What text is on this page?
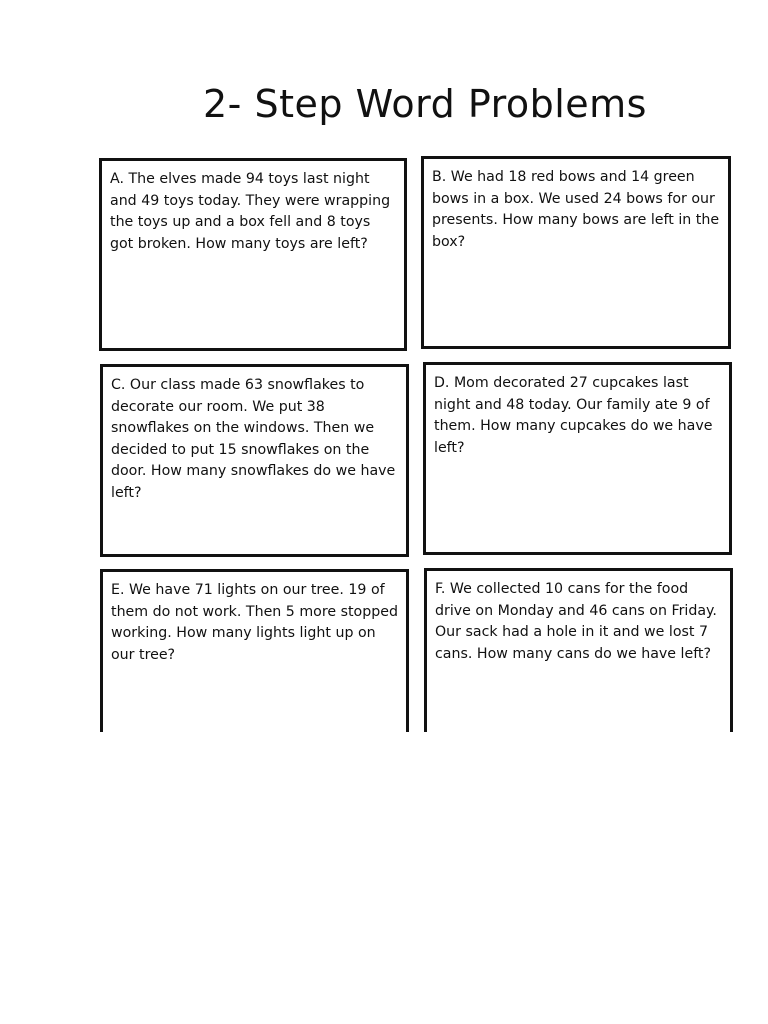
2- Step Word Problems

A. The elves made 94 toys last night and 49 toys today. They were wrapping the toys up and a box fell and 8 toys got broken. How many toys are left?

B. We had 18 red bows and 14 green bows in a box. We used 24 bows for our presents. How many bows are left in the box?

C. Our class made 63 snowflakes to decorate our room. We put 38 snowflakes on the windows. Then we decided to put 15 snowflakes on the door. How many snowflakes do we have left?

D. Mom decorated 27 cupcakes last night and 48 today. Our family ate 9 of them. How many cupcakes do we have left?

E. We have 71 lights on our tree. 19 of them do not work. Then 5 more stopped working. How many lights light up on our tree?

F. We collected 10 cans for the food drive on Monday and 46 cans on Friday. Our sack had a hole in it and we lost 7 cans. How many cans do we have left?
